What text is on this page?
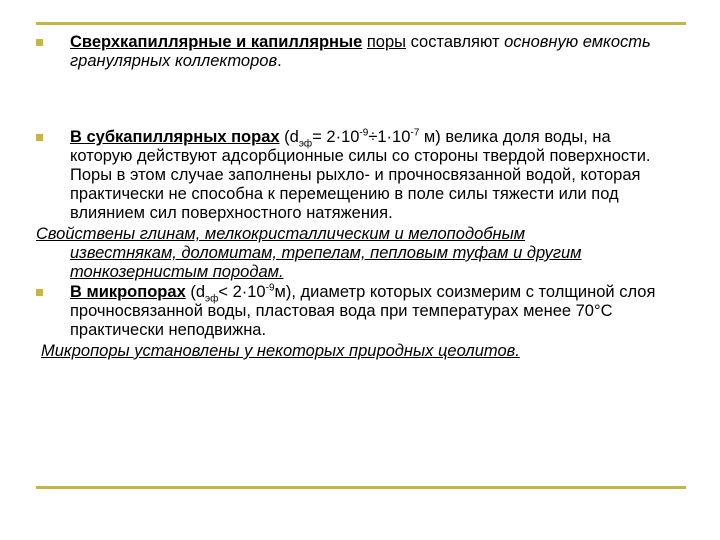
Сверхкапиллярные и капиллярные поры составляют основную емкость гранулярных коллекторов.
В субкапиллярных порах ($d_{эф}= 2\cdot 10^{-9}\div 1\cdot 10^{-7}$ м) велика доля воды, на которую действуют адсорбционные силы со стороны твердой поверхности. Поры в этом случае заполнены рыхло- и прочносвязанной водой, которая практически не способна к перемещению в поле силы тяжести или под влиянием сил поверхностного натяжения.
Свойствены глинам, мелкокристаллическим и мелоподобным
известнякам, доломитам, трепелам, пепловым туфам и другим тонкозернистым породам.
В микропорах $(d_{эф}< 2\cdot 10^{-9}м)$, диаметр которых соизмерим с толщиной слоя прочносвязанной воды, пластовая вода при температурах менее 70°С практически неподвижна.
Микропоры установлены у некоторых природных цеолитов.
